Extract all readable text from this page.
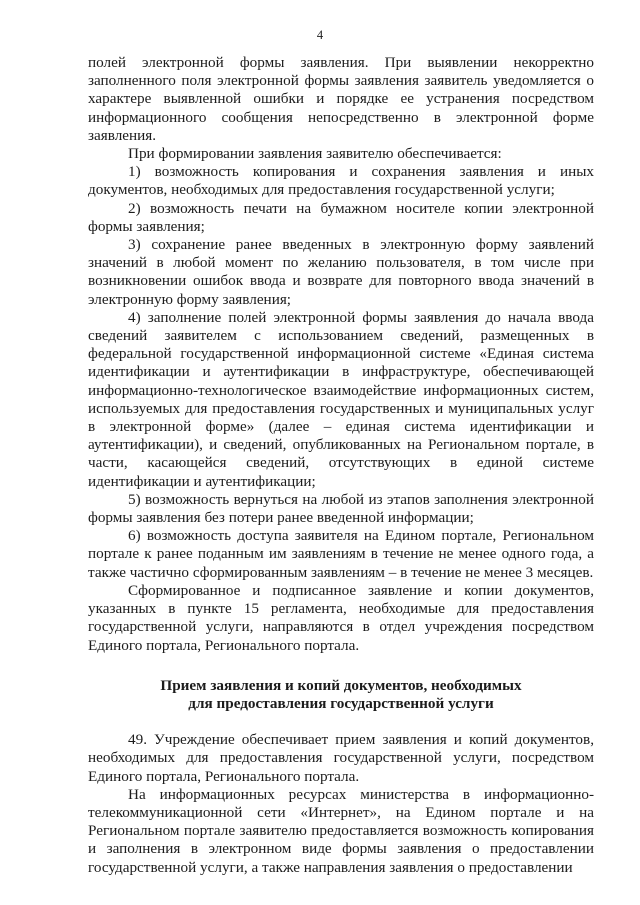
4

полей электронной формы заявления. При выявлении некорректно заполненного поля электронной формы заявления заявитель уведомляется о характере выявленной ошибки и порядке ее устранения посредством информационного сообщения непосредственно в электронной форме заявления.

При формировании заявления заявителю обеспечивается:

1) возможность копирования и сохранения заявления и иных документов, необходимых для предоставления государственной услуги;

2) возможность печати на бумажном носителе копии электронной формы заявления;

3) сохранение ранее введенных в электронную форму заявлений значений в любой момент по желанию пользователя, в том числе при возникновении ошибок ввода и возврате для повторного ввода значений в электронную форму заявления;

4) заполнение полей электронной формы заявления до начала ввода сведений заявителем с использованием сведений, размещенных в федеральной государственной информационной системе «Единая система идентификации и аутентификации в инфраструктуре, обеспечивающей информационно-технологическое взаимодействие информационных систем, используемых для предоставления государственных и муниципальных услуг в электронной форме» (далее – единая система идентификации и аутентификации), и сведений, опубликованных на Региональном портале, в части, касающейся сведений, отсутствующих в единой системе идентификации и аутентификации;

5) возможность вернуться на любой из этапов заполнения электронной формы заявления без потери ранее введенной информации;

6) возможность доступа заявителя на Едином портале, Региональном портале к ранее поданным им заявлениям в течение не менее одного года, а также частично сформированным заявлениям – в течение не менее 3 месяцев.

Сформированное и подписанное заявление и копии документов, указанных в пункте 15 регламента, необходимые для предоставления государственной услуги, направляются в отдел учреждения посредством Единого портала, Регионального портала.

Прием заявления и копий документов, необходимых
для предоставления государственной услуги

49. Учреждение обеспечивает прием заявления и копий документов, необходимых для предоставления государственной услуги, посредством Единого портала, Регионального портала.

На информационных ресурсах министерства в информационно-телекоммуникационной сети «Интернет», на Едином портале и на Региональном портале заявителю предоставляется возможность копирования и заполнения в электронном виде формы заявления о предоставлении государственной услуги, а также направления заявления о предоставлении
